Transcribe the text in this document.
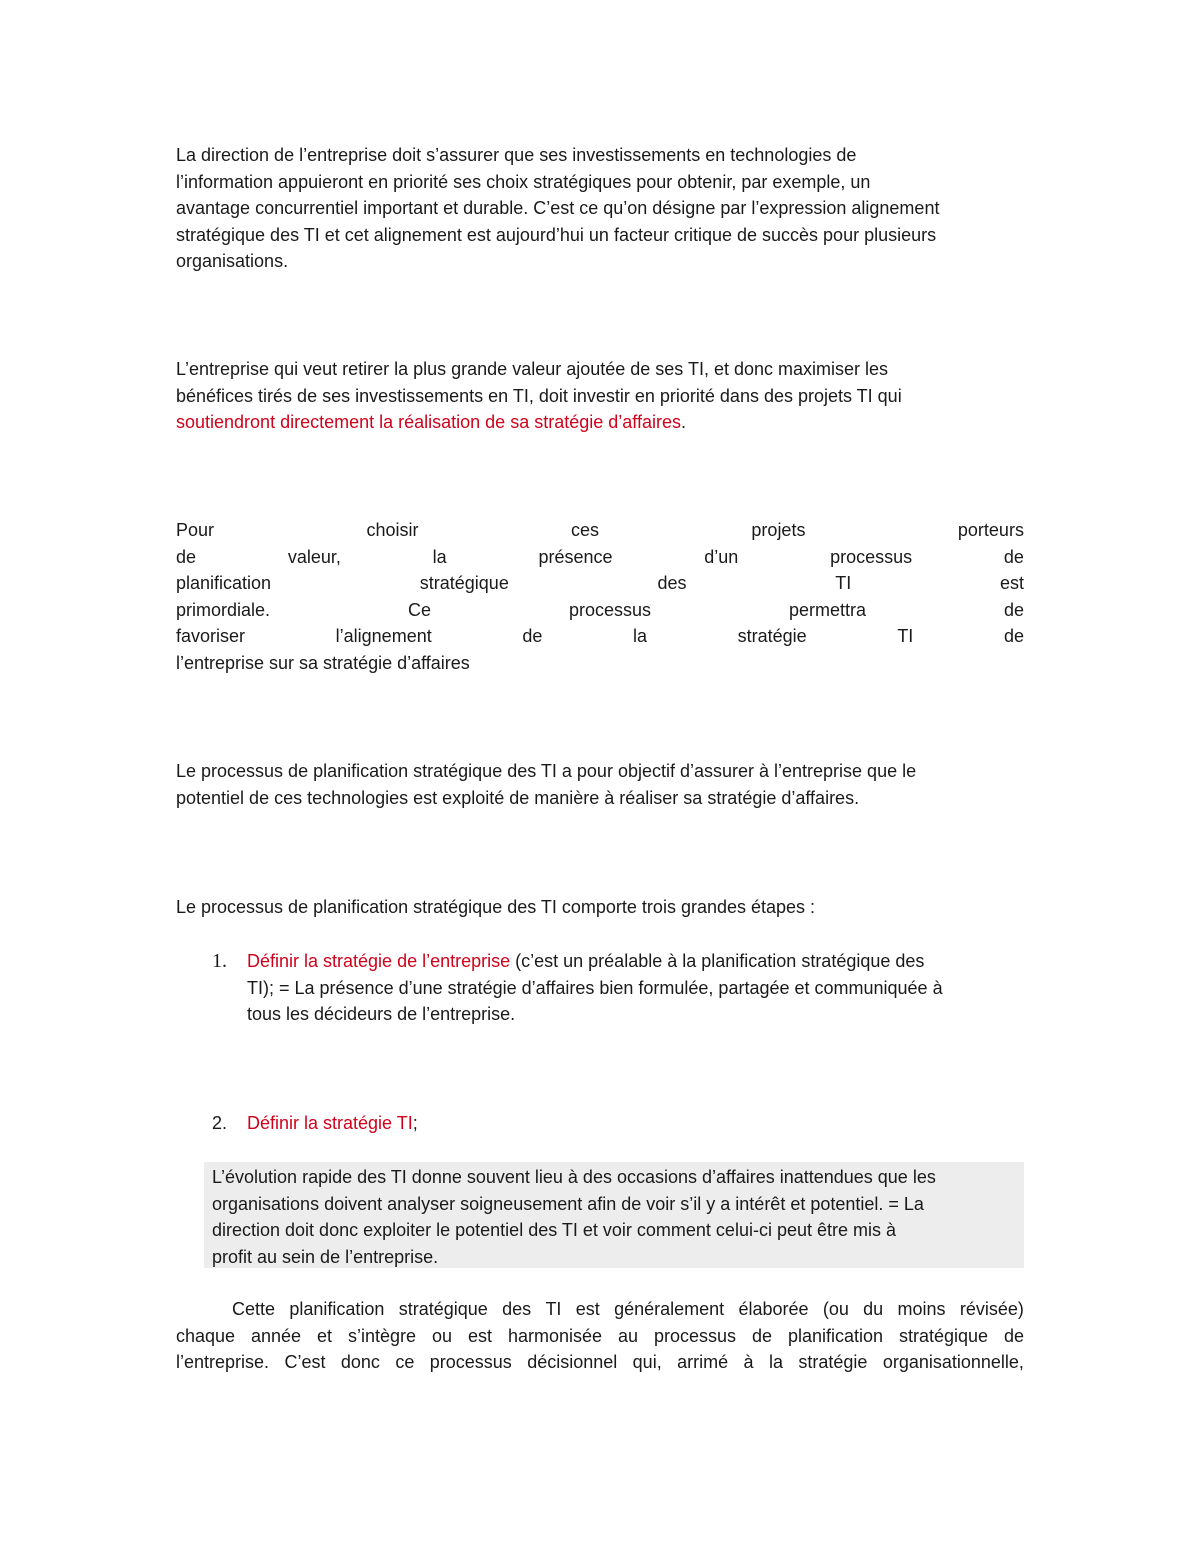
La direction de l’entreprise doit s’assurer que ses investissements en technologies de
l’information appuieront en priorité ses choix stratégiques pour obtenir, par exemple, un
avantage concurrentiel important et durable. C’est ce qu’on désigne par l’expression alignement
stratégique des TI et cet alignement est aujourd’hui un facteur critique de succès pour plusieurs
organisations.
L’entreprise qui veut retirer la plus grande valeur ajoutée de ses TI, et donc maximiser les
bénéfices tirés de ses investissements en TI, doit investir en priorité dans des projets TI qui
soutiendront directement la réalisation de sa stratégie d’affaires.
Pour	choisir	ces	projets	porteurs
de	valeur,	la	présence	d’un	processus	de
planification	stratégique	des	TI	est
primordiale.	Ce	processus	permettra	de
favoriser	l’alignement	de	la	stratégie	TI	de
l’entreprise sur sa stratégie d’affaires
Le processus de planification stratégique des TI a pour objectif d’assurer à l’entreprise que le
potentiel de ces technologies est exploité de manière à réaliser sa stratégie d’affaires.
Le processus de planification stratégique des TI comporte trois grandes étapes :
1. Définir la stratégie de l’entreprise (c’est un préalable à la planification stratégique des
TI); = La présence d’une stratégie d’affaires bien formulée, partagée et communiquée à
tous les décideurs de l’entreprise.
2. Définir la stratégie TI;
L’évolution rapide des TI donne souvent lieu à des occasions d’affaires inattendues que les
organisations doivent analyser soigneusement afin de voir s’il y a intérêt et potentiel. = La
direction doit donc exploiter le potentiel des TI et voir comment celui-ci peut être mis à
profit au sein de l’entreprise.
Cette planification stratégique des TI est généralement élaborée (ou du moins révisée)
chaque année et s’intègre ou est harmonisée au processus de planification stratégique de
l’entreprise. C’est donc ce processus décisionnel qui, arrimé à la stratégie organisationnelle,
